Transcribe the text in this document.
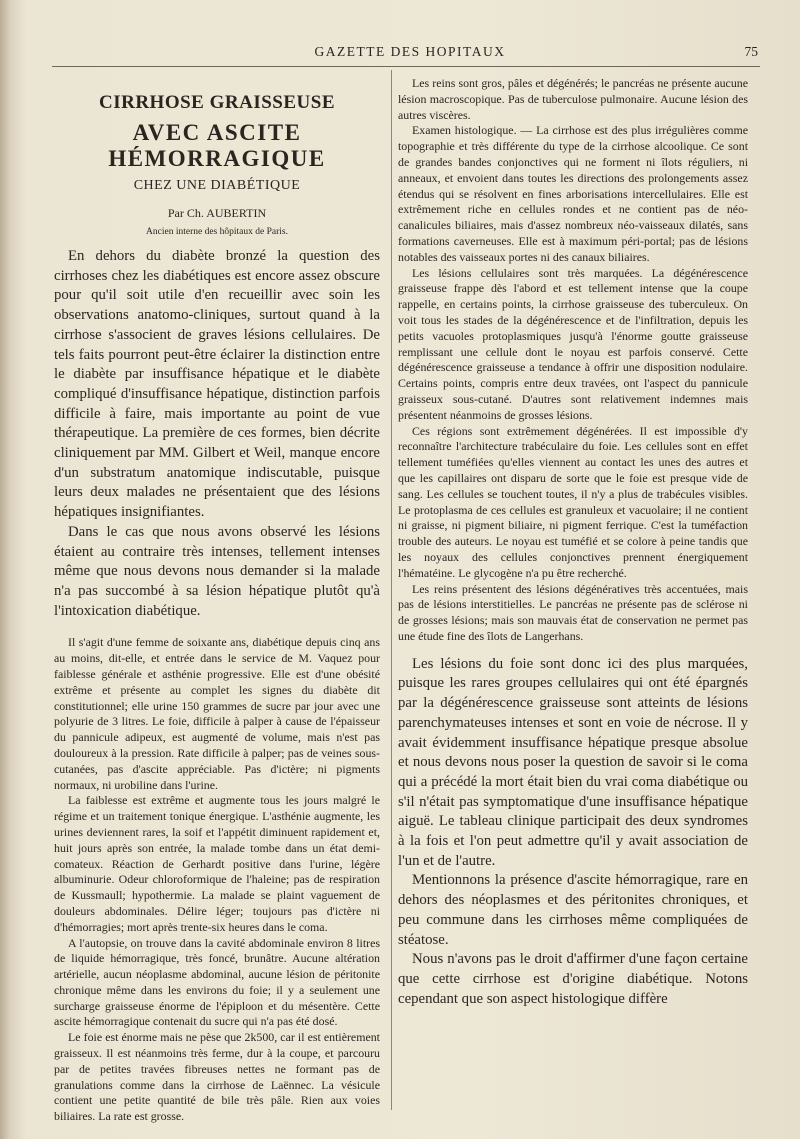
GAZETTE DES HOPITAUX	75
CIRRHOSE GRAISSEUSE
AVEC ASCITE HÉMORRAGIQUE
CHEZ UNE DIABÉTIQUE
Par Ch. AUBERTIN
Ancien interne des hôpitaux de Paris.

En dehors du diabète bronzé la question des cirrhoses chez les diabétiques est encore assez obscure pour qu'il soit utile d'en recueillir avec soin les observations anatomo-cliniques, surtout quand à la cirrhose s'associent de graves lésions cellulaires. De tels faits pourront peut-être éclairer la distinction entre le diabète par insuffisance hépatique et le diabète compliqué d'insuffisance hépatique, distinction parfois difficile à faire, mais importante au point de vue thérapeutique. La première de ces formes, bien décrite cliniquement par MM. Gilbert et Weil, manque encore d'un substratum anatomique indiscutable, puisque leurs deux malades ne présentaient que des lésions hépatiques insignifiantes.

Dans le cas que nous avons observé les lésions étaient au contraire très intenses, tellement intenses même que nous devons nous demander si la malade n'a pas succombé à sa lésion hépatique plutôt qu'à l'intoxication diabétique.

Il s'agit d'une femme de soixante ans, diabétique depuis cinq ans au moins, dit-elle, et entrée dans le service de M. Vaquez pour faiblesse générale et asthénie progressive. Elle est d'une obésité extrême et présente au complet les signes du diabète dit constitutionnel; elle urine 150 grammes de sucre par jour avec une polyurie de 3 litres. Le foie, difficile à palper à cause de l'épaisseur du pannicule adipeux, est augmenté de volume, mais n'est pas douloureux à la pression. Rate difficile à palper; pas de veines sous-cutanées, pas d'ascite appréciable. Pas d'ictère; ni pigments normaux, ni urobiline dans l'urine.

La faiblesse est extrême et augmente tous les jours malgré le régime et un traitement tonique énergique. L'asthénie augmente, les urines deviennent rares, la soif et l'appétit diminuent rapidement et, huit jours après son entrée, la malade tombe dans un état demi-comateux. Réaction de Gerhardt positive dans l'urine, légère albuminurie. Odeur chloroformique de l'haleine; pas de respiration de Kussmaull; hypothermie. La malade se plaint vaguement de douleurs abdominales. Délire léger; toujours pas d'ictère ni d'hémorragies; mort après trente-six heures dans le coma.

A l'autopsie, on trouve dans la cavité abdominale environ 8 litres de liquide hémorragique, très foncé, brunâtre. Aucune altération artérielle, aucun néoplasme abdominal, aucune lésion de péritonite chronique même dans les environs du foie; il y a seulement une surcharge graisseuse énorme de l'épiploon et du mésentère. Cette ascite hémorragique contenait du sucre qui n'a pas été dosé.

Le foie est énorme mais ne pèse que 2k500, car il est entièrement graisseux. Il est néanmoins très ferme, dur à la coupe, et parcouru par de petites travées fibreuses nettes ne formant pas de granulations comme dans la cirrhose de Laënnec. La vésicule contient une petite quantité de bile très pâle. Rien aux voies biliaires. La rate est grosse.

Les reins sont gros, pâles et dégénérés; le pancréas ne présente aucune lésion macroscopique. Pas de tuberculose pulmonaire. Aucune lésion des autres viscères.

Examen histologique. — La cirrhose est des plus irrégulières comme topographie et très différente du type de la cirrhose alcoolique. Ce sont de grandes bandes conjonctives qui ne forment ni îlots réguliers, ni anneaux, et envoient dans toutes les directions des prolongements assez étendus qui se résolvent en fines arborisations intercellulaires. Elle est extrêmement riche en cellules rondes et ne contient pas de néo-canalicules biliaires, mais d'assez nombreux néo-vaisseaux dilatés, sans formations caverneuses. Elle est à maximum péri-portal; pas de lésions notables des vaisseaux portes ni des canaux biliaires.

Les lésions cellulaires sont très marquées. La dégénérescence graisseuse frappe dès l'abord et est tellement intense que la coupe rappelle, en certains points, la cirrhose graisseuse des tuberculeux. On voit tous les stades de la dégénérescence et de l'infiltration, depuis les petits vacuoles protoplasmiques jusqu'à l'énorme goutte graisseuse remplissant une cellule dont le noyau est parfois conservé. Cette dégénérescence graisseuse a tendance à offrir une disposition nodulaire. Certains points, compris entre deux travées, ont l'aspect du pannicule graisseux sous-cutané. D'autres sont relativement indemnes mais présentent néanmoins de grosses lésions.

Ces régions sont extrêmement dégénérées. Il est impossible d'y reconnaître l'architecture trabéculaire du foie. Les cellules sont en effet tellement tuméfiées qu'elles viennent au contact les unes des autres et que les capillaires ont disparu de sorte que le foie est presque vide de sang. Les cellules se touchent toutes, il n'y a plus de trabécules visibles. Le protoplasma de ces cellules est granuleux et vacuolaire; il ne contient ni graisse, ni pigment biliaire, ni pigment ferrique. C'est la tuméfaction trouble des auteurs. Le noyau est tuméfié et se colore à peine tandis que les noyaux des cellules conjonctives prennent énergiquement l'hématéine. Le glycogène n'a pu être recherché.

Les reins présentent des lésions dégénératives très accentuées, mais pas de lésions interstitielles. Le pancréas ne présente pas de sclérose ni de grosses lésions; mais son mauvais état de conservation ne permet pas une étude fine des îlots de Langerhans.

Les lésions du foie sont donc ici des plus marquées, puisque les rares groupes cellulaires qui ont été épargnés par la dégénérescence graisseuse sont atteints de lésions parenchymateuses intenses et sont en voie de nécrose. Il y avait évidemment insuffisance hépatique presque absolue et nous devons nous poser la question de savoir si le coma qui a précédé la mort était bien du vrai coma diabétique ou s'il n'était pas symptomatique d'une insuffisance hépatique aiguë. Le tableau clinique participait des deux syndromes à la fois et l'on peut admettre qu'il y avait association de l'un et de l'autre.

Mentionnons la présence d'ascite hémorragique, rare en dehors des néoplasmes et des péritonites chroniques, et peu commune dans les cirrhoses même compliquées de stéatose.

Nous n'avons pas le droit d'affirmer d'une façon certaine que cette cirrhose est d'origine diabétique. Notons cependant que son aspect histologique diffère
